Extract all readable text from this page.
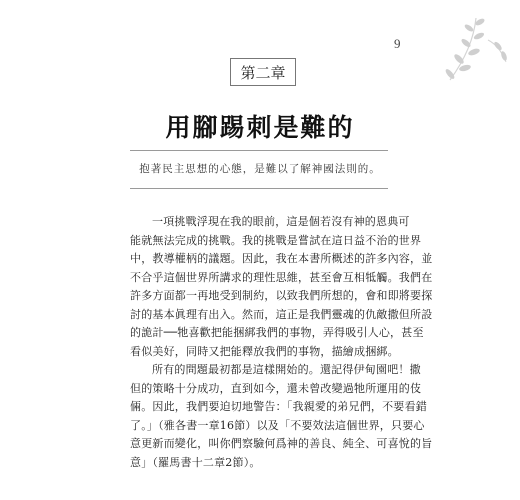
9
第二章
用腳踢刺是難的
抱著民主思想的心態，是難以了解神國法則的。
一項挑戰浮現在我的眼前，這是個若沒有神的恩典可
能就無法完成的挑戰。我的挑戰是嘗試在這日益不治的世界
中，教導權柄的議題。因此，我在本書所概述的許多內容，並
不合乎這個世界所講求的理性思維，甚至會互相牴觸。我們在
許多方面都一再地受到制約，以致我們所想的，會和即將要探
討的基本眞理有出入。然而，這正是我們靈魂的仇敵撒但所設
的詭計──牠喜歡把能捆綁我們的事物，弄得吸引人心，甚至
看似美好，同時又把能釋放我們的事物，描繪成捆綁。
所有的問題最初都是這樣開始的。還記得伊甸園吧！撒
但的策略十分成功，直到如今，還未曾改變過牠所運用的伎
倆。因此，我們要迫切地警告：「我親愛的弟兄們，不要看錯
了。」（雅各書一章16節）以及「不要效法這個世界，只要心
意更新而變化，叫你們察驗何爲神的善良、純全、可喜悅的旨
意」（羅馬書十二章2節）。
